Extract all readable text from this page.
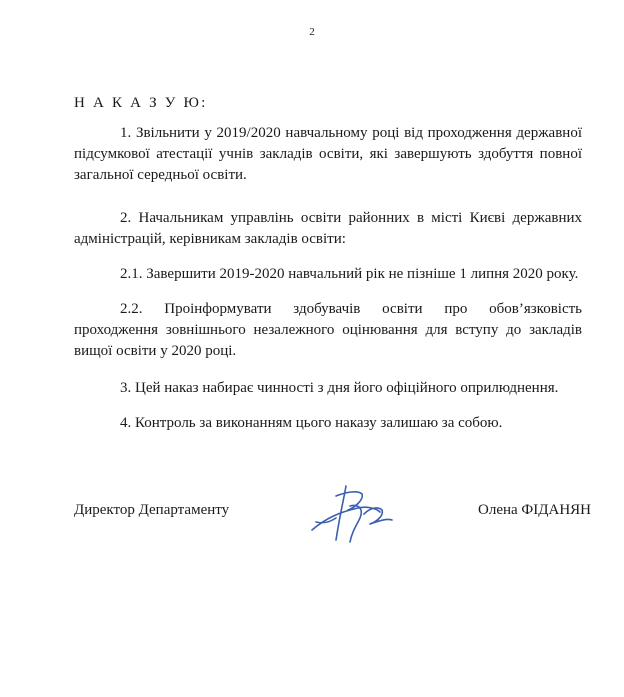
2
Н А К А З У Ю:
1. Звільнити у 2019/2020 навчальному році від проходження державної
підсумкової атестації учнів закладів освіти, які завершують здобуття повної
загальної середньої освіти.
2. Начальникам управлінь освіти районних в місті Києві державних
адміністрацій, керівникам закладів освіти:
2.1. Завершити 2019-2020 навчальний рік не пізніше 1 липня 2020 року.
2.2. Проінформувати здобувачів освіти про обов’язковість
проходження зовнішнього незалежного оцінювання для вступу до закладів
вищої освіти у 2020 році.
3. Цей наказ набирає чинності з дня його офіційного оприлюднення.
4. Контроль за виконанням цього наказу залишаю за собою.
Директор Департаменту	Олена ФІДАНЯН
